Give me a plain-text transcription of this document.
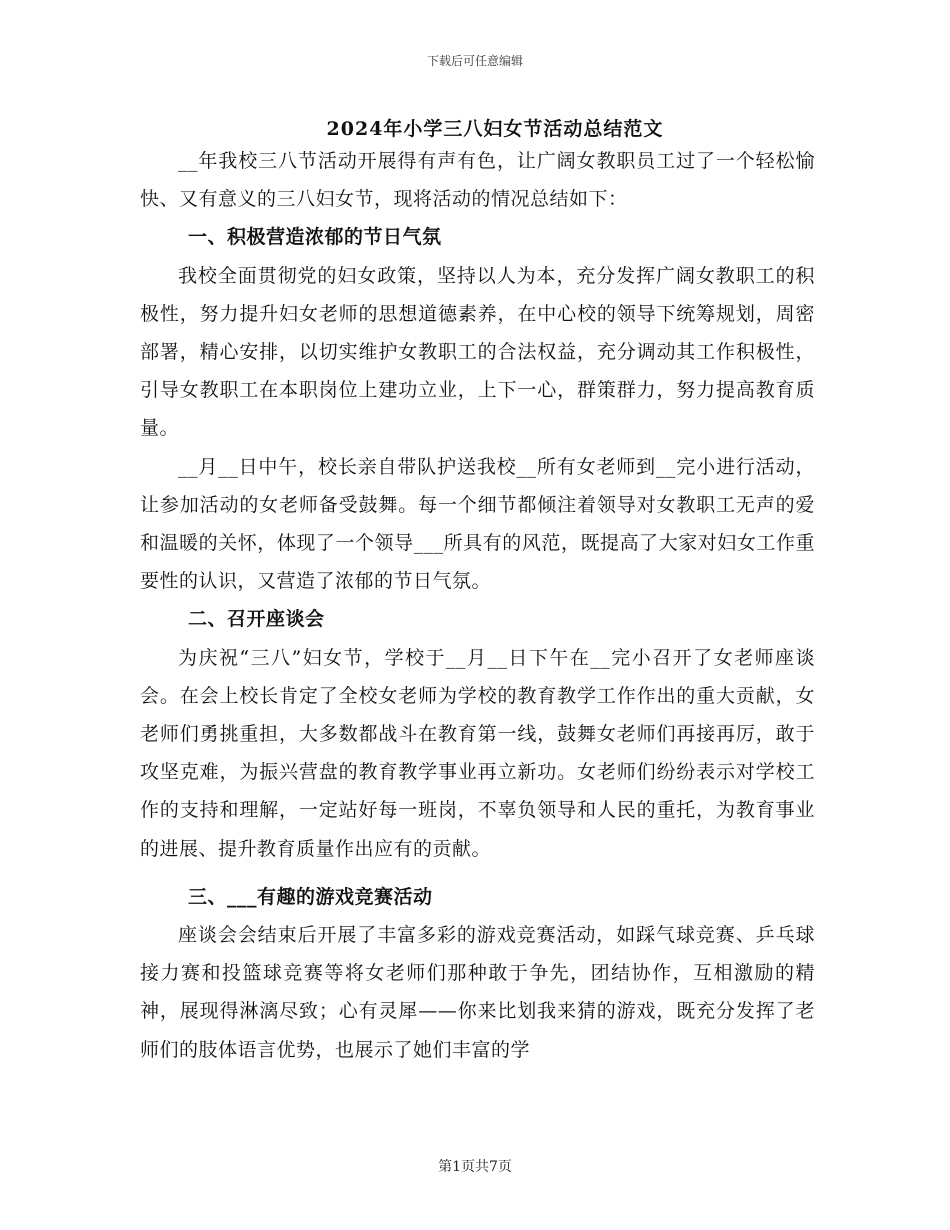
下载后可任意编辑
2024年小学三八妇女节活动总结范文

__年我校三八节活动开展得有声有色，让广阔女教职员工过了一个轻松愉快、又有意义的三八妇女节，现将活动的情况总结如下：

一、积极营造浓郁的节日气氛

我校全面贯彻党的妇女政策，坚持以人为本，充分发挥广阔女教职工的积极性，努力提升妇女老师的思想道德素养，在中心校的领导下统筹规划，周密部署，精心安排，以切实维护女教职工的合法权益，充分调动其工作积极性，引导女教职工在本职岗位上建功立业，上下一心，群策群力，努力提高教育质量。

__月__日中午，校长亲自带队护送我校__所有女老师到__完小进行活动，让参加活动的女老师备受鼓舞。每一个细节都倾注着领导对女教职工无声的爱和温暖的关怀，体现了一个领导___所具有的风范，既提高了大家对妇女工作重要性的认识，又营造了浓郁的节日气氛。

二、召开座谈会

为庆祝“三八”妇女节，学校于__月__日下午在__完小召开了女老师座谈会。在会上校长肯定了全校女老师为学校的教育教学工作作出的重大贡献，女老师们勇挑重担，大多数都战斗在教育第一线，鼓舞女老师们再接再厉，敢于攻坚克难，为振兴营盘的教育教学事业再立新功。女老师们纷纷表示对学校工作的支持和理解，一定站好每一班岗，不辜负领导和人民的重托，为教育事业的进展、提升教育质量作出应有的贡献。

三、___有趣的游戏竞赛活动

座谈会会结束后开展了丰富多彩的游戏竞赛活动，如踩气球竞赛、乒乓球接力赛和投篮球竞赛等将女老师们那种敢于争先，团结协作，互相激励的精神，展现得淋漓尽致；心有灵犀——你来比划我来猜的游戏，既充分发挥了老师们的肢体语言优势，也展示了她们丰富的学

第1页共7页
